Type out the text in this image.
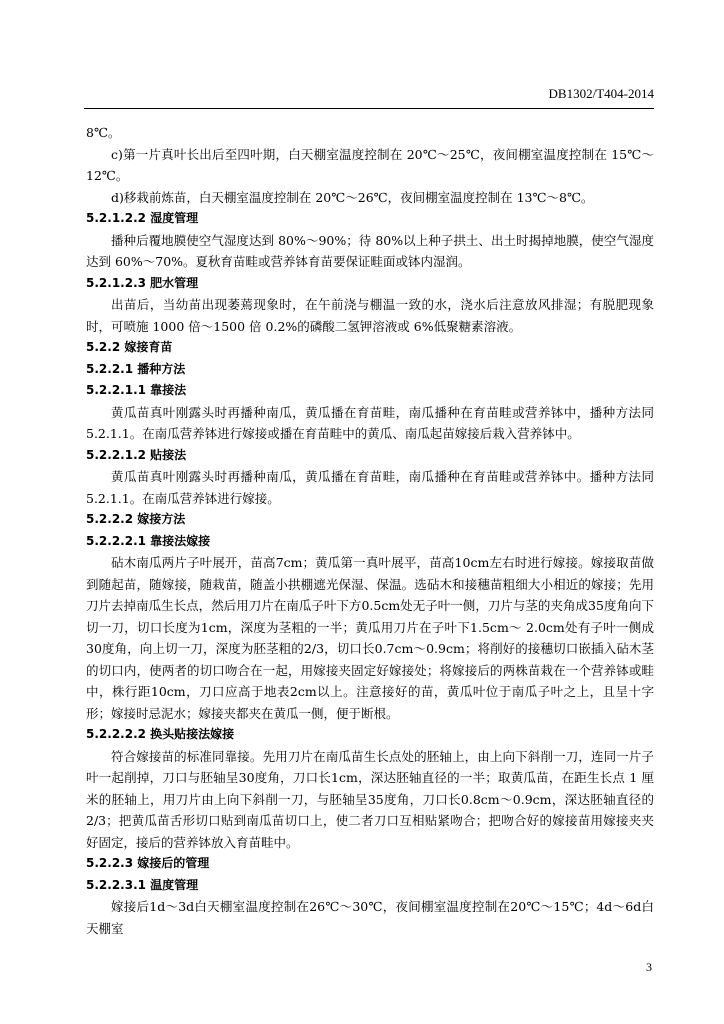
DB1302/T404-2014

8℃。

c)第一片真叶长出后至四叶期，白天棚室温度控制在 20℃～25℃，夜间棚室温度控制在 15℃～12℃。

d)移栽前炼苗，白天棚室温度控制在 20℃～26℃，夜间棚室温度控制在 13℃～8℃。

5.2.1.2.2 湿度管理

播种后覆地膜使空气湿度达到 80%～90%；待 80%以上种子拱土、出土时揭掉地膜，使空气湿度达到 60%～70%。夏秋育苗畦或营养钵育苗要保证畦面或钵内湿润。

5.2.1.2.3 肥水管理

出苗后，当幼苗出现萎蔫现象时，在午前浇与棚温一致的水，浇水后注意放风排湿；有脱肥现象时，可喷施 1000 倍～1500 倍 0.2%的磷酸二氢钾溶液或 6%低聚糖素溶液。

5.2.2 嫁接育苗

5.2.2.1 播种方法

5.2.2.1.1 靠接法

黄瓜苗真叶刚露头时再播种南瓜，黄瓜播在育苗畦，南瓜播种在育苗畦或营养钵中，播种方法同 5.2.1.1。在南瓜营养钵进行嫁接或播在育苗畦中的黄瓜、南瓜起苗嫁接后栽入营养钵中。

5.2.2.1.2 贴接法

黄瓜苗真叶刚露头时再播种南瓜，黄瓜播在育苗畦，南瓜播种在育苗畦或营养钵中。播种方法同 5.2.1.1。在南瓜营养钵进行嫁接。

5.2.2.2 嫁接方法

5.2.2.2.1 靠接法嫁接

砧木南瓜两片子叶展开，苗高7cm；黄瓜第一真叶展平，苗高10cm左右时进行嫁接。嫁接取苗做到随起苗，随嫁接，随栽苗，随盖小拱棚遮光保湿、保温。选砧木和接穗苗粗细大小相近的嫁接；先用刀片去掉南瓜生长点，然后用刀片在南瓜子叶下方0.5cm处无子叶一侧，刀片与茎的夹角成35度角向下切一刀，切口长度为1cm，深度为茎粗的一半；黄瓜用刀片在子叶下1.5cm～ 2.0cm处有子叶一侧成30度角，向上切一刀，深度为胚茎粗的2/3，切口长0.7cm～0.9cm；将削好的接穗切口嵌插入砧木茎的切口内，使两者的切口吻合在一起，用嫁接夹固定好嫁接处；将嫁接后的两株苗栽在一个营养钵或畦中，株行距10cm，刀口应高于地表2cm以上。注意接好的苗，黄瓜叶位于南瓜子叶之上，且呈十字形；嫁接时忌泥水；嫁接夹都夹在黄瓜一侧，便于断根。

5.2.2.2.2 换头贴接法嫁接

符合嫁接苗的标准同靠接。先用刀片在南瓜苗生长点处的胚轴上，由上向下斜削一刀，连同一片子叶一起削掉，刀口与胚轴呈30度角，刀口长1cm，深达胚轴直径的一半；取黄瓜苗，在距生长点 1 厘米的胚轴上，用刀片由上向下斜削一刀，与胚轴呈35度角，刀口长0.8cm～0.9cm，深达胚轴直径的2/3；把黄瓜苗舌形切口贴到南瓜苗切口上，使二者刀口互相贴紧吻合；把吻合好的嫁接苗用嫁接夹夹好固定，接后的营养钵放入育苗畦中。

5.2.2.3 嫁接后的管理

5.2.2.3.1 温度管理

嫁接后1d～3d白天棚室温度控制在26℃～30℃，夜间棚室温度控制在20℃～15℃；4d～6d白天棚室

3
